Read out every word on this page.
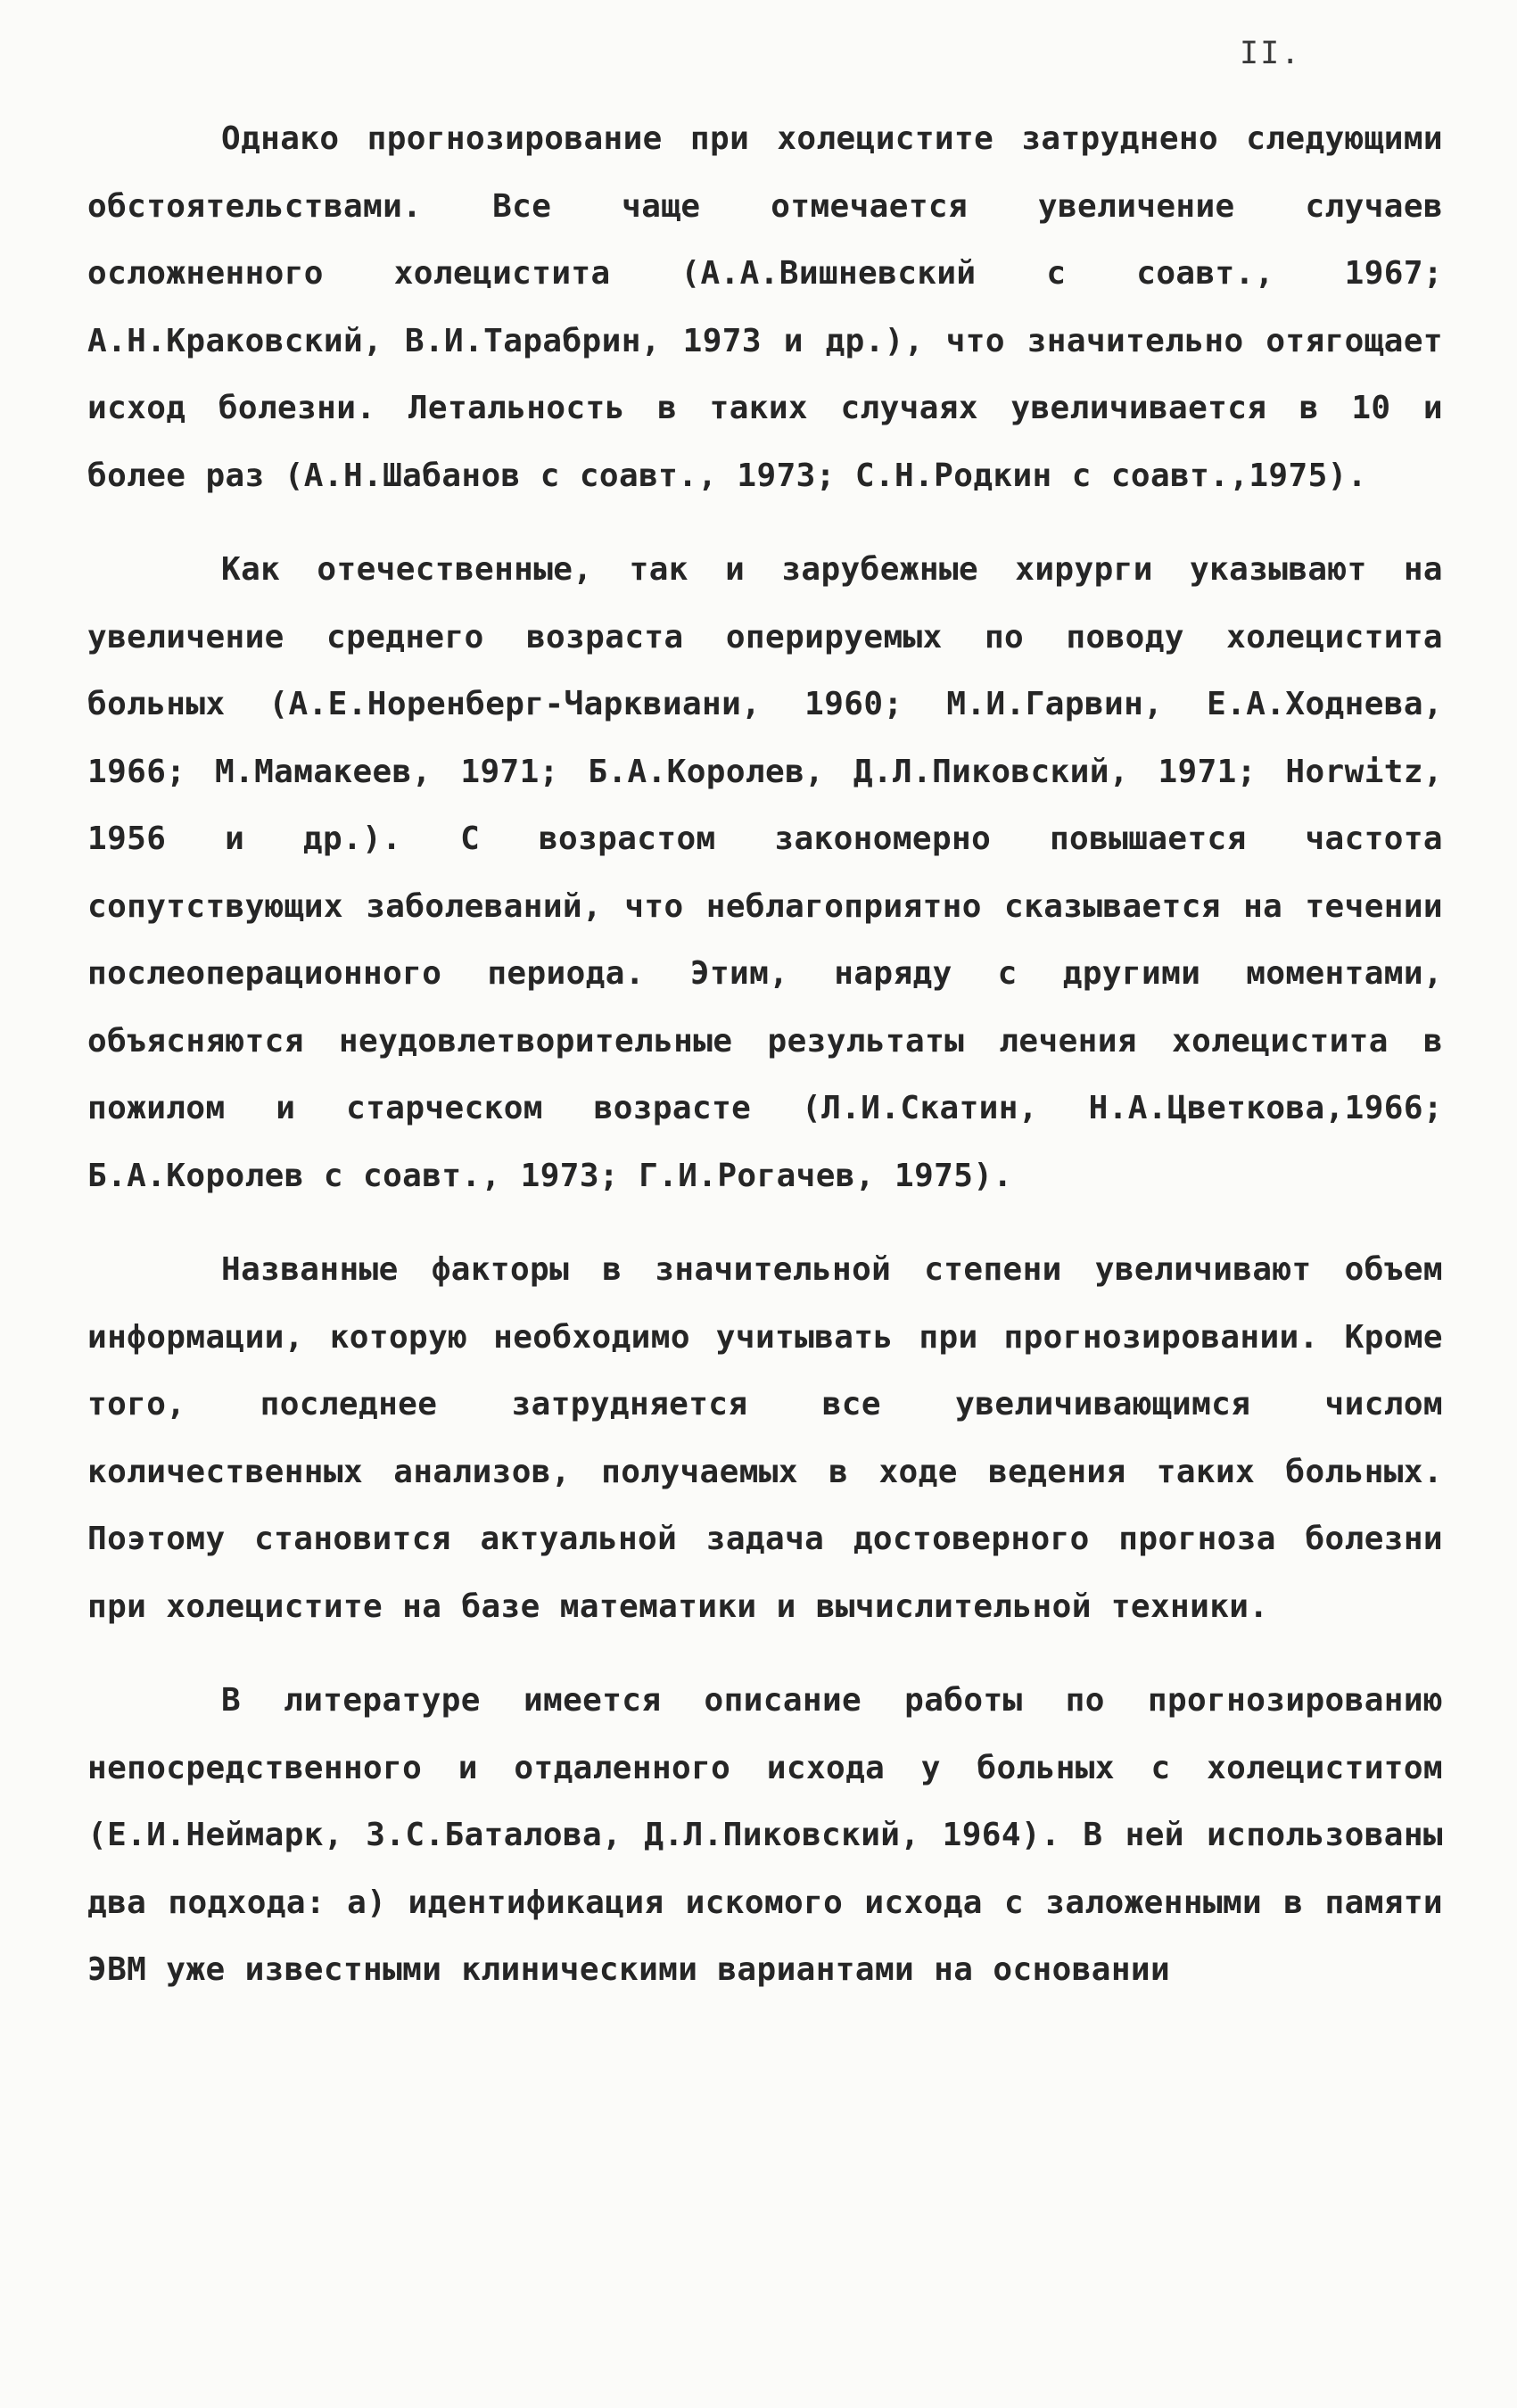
II.

Однако прогнозирование при холецистите затруднено следующими обстоятельствами. Все чаще отмечается увеличение случаев осложненного холецистита (А.А.Вишневский с соавт., 1967; А.Н.Краковский, В.И.Тарабрин, 1973 и др.), что значительно отягощает исход болезни. Летальность в таких случаях увеличивается в 10 и более раз (А.Н.Шабанов с соавт., 1973; С.Н.Родкин с соавт.,1975).

Как отечественные, так и зарубежные хирурги указывают на увеличение среднего возраста оперируемых по поводу холецистита больных (А.Е.Норенберг-Чарквиани, 1960; М.И.Гарвин, Е.А.Ходнева, 1966; М.Мамакеев, 1971; Б.А.Королев, Д.Л.Пиковский, 1971; Horwitz, 1956 и др.). С возрастом закономерно повышается частота сопутствующих заболеваний, что неблагоприятно сказывается на течении послеоперационного периода. Этим, наряду с другими моментами, объясняются неудовлетворительные результаты лечения холецистита в пожилом и старческом возрасте (Л.И.Скатин, Н.А.Цветкова,1966; Б.А.Королев с соавт., 1973; Г.И.Рогачев, 1975).

Названные факторы в значительной степени увеличивают объем информации, которую необходимо учитывать при прогнозировании. Кроме того, последнее затрудняется все увеличивающимся числом количественных анализов, получаемых в ходе ведения таких больных. Поэтому становится актуальной задача достоверного прогноза болезни при холецистите на базе математики и вычислительной техники.

В литературе имеется описание работы по прогнозированию непосредственного и отдаленного исхода у больных с холециститом (Е.И.Неймарк, З.С.Баталова, Д.Л.Пиковский, 1964). В ней использованы два подхода: а) идентификация искомого исхода с заложенными в памяти ЭВМ уже известными клиническими вариантами на основании
